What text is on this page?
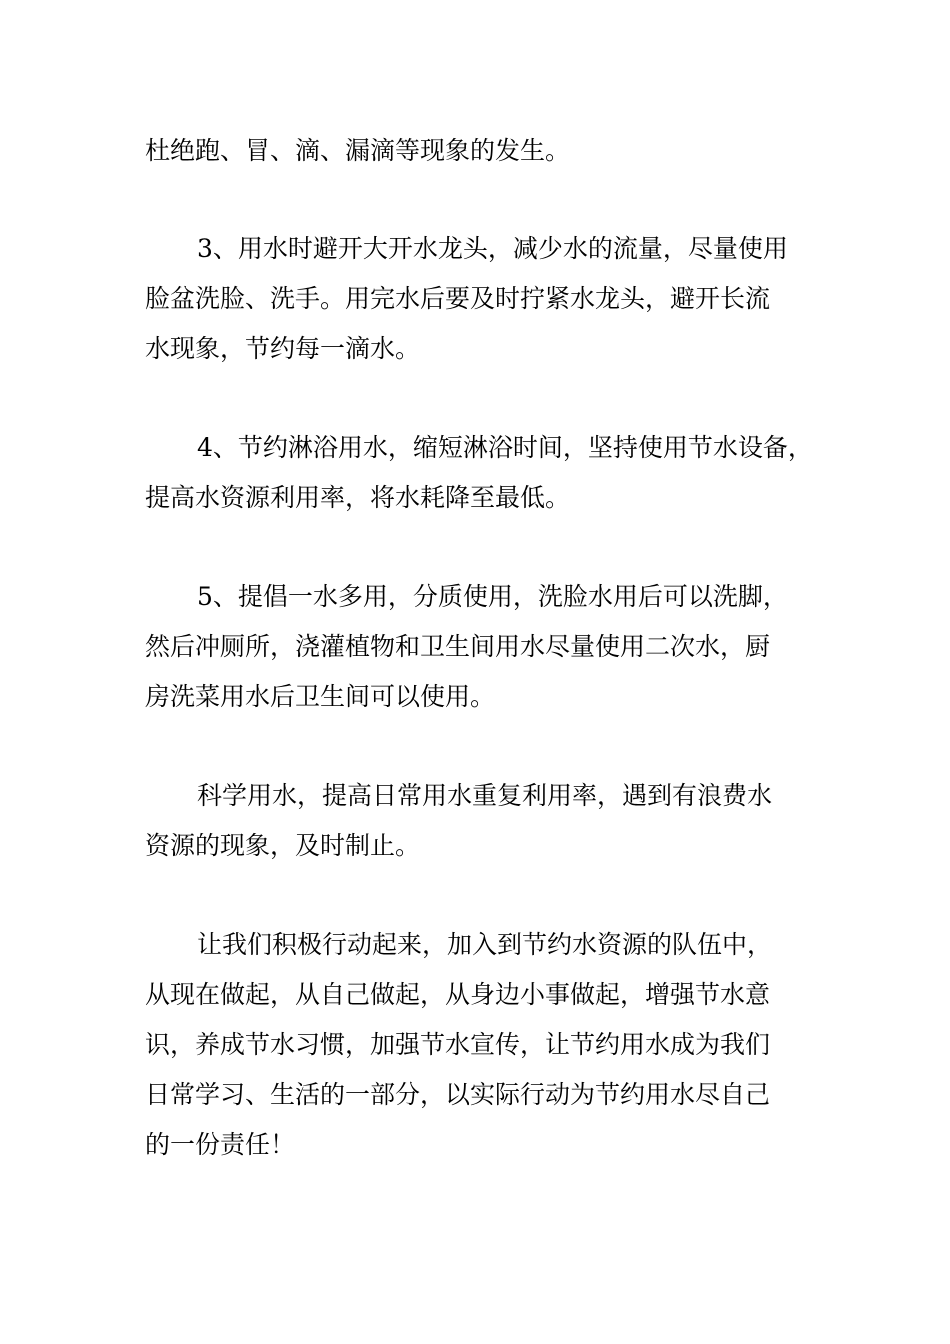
杜绝跑、冒、滴、漏滴等现象的发生。
3、用水时避开大开水龙头，减少水的流量，尽量使用
脸盆洗脸、洗手。用完水后要及时拧紧水龙头，避开长流
水现象，节约每一滴水。
4、节约淋浴用水，缩短淋浴时间，坚持使用节水设备，
提高水资源利用率，将水耗降至最低。
5、提倡一水多用，分质使用，洗脸水用后可以洗脚，
然后冲厕所，浇灌植物和卫生间用水尽量使用二次水，厨
房洗菜用水后卫生间可以使用。
科学用水，提高日常用水重复利用率，遇到有浪费水
资源的现象，及时制止。
让我们积极行动起来，加入到节约水资源的队伍中，
从现在做起，从自己做起，从身边小事做起，增强节水意
识，养成节水习惯，加强节水宣传，让节约用水成为我们
日常学习、生活的一部分，以实际行动为节约用水尽自己
的一份责任！
